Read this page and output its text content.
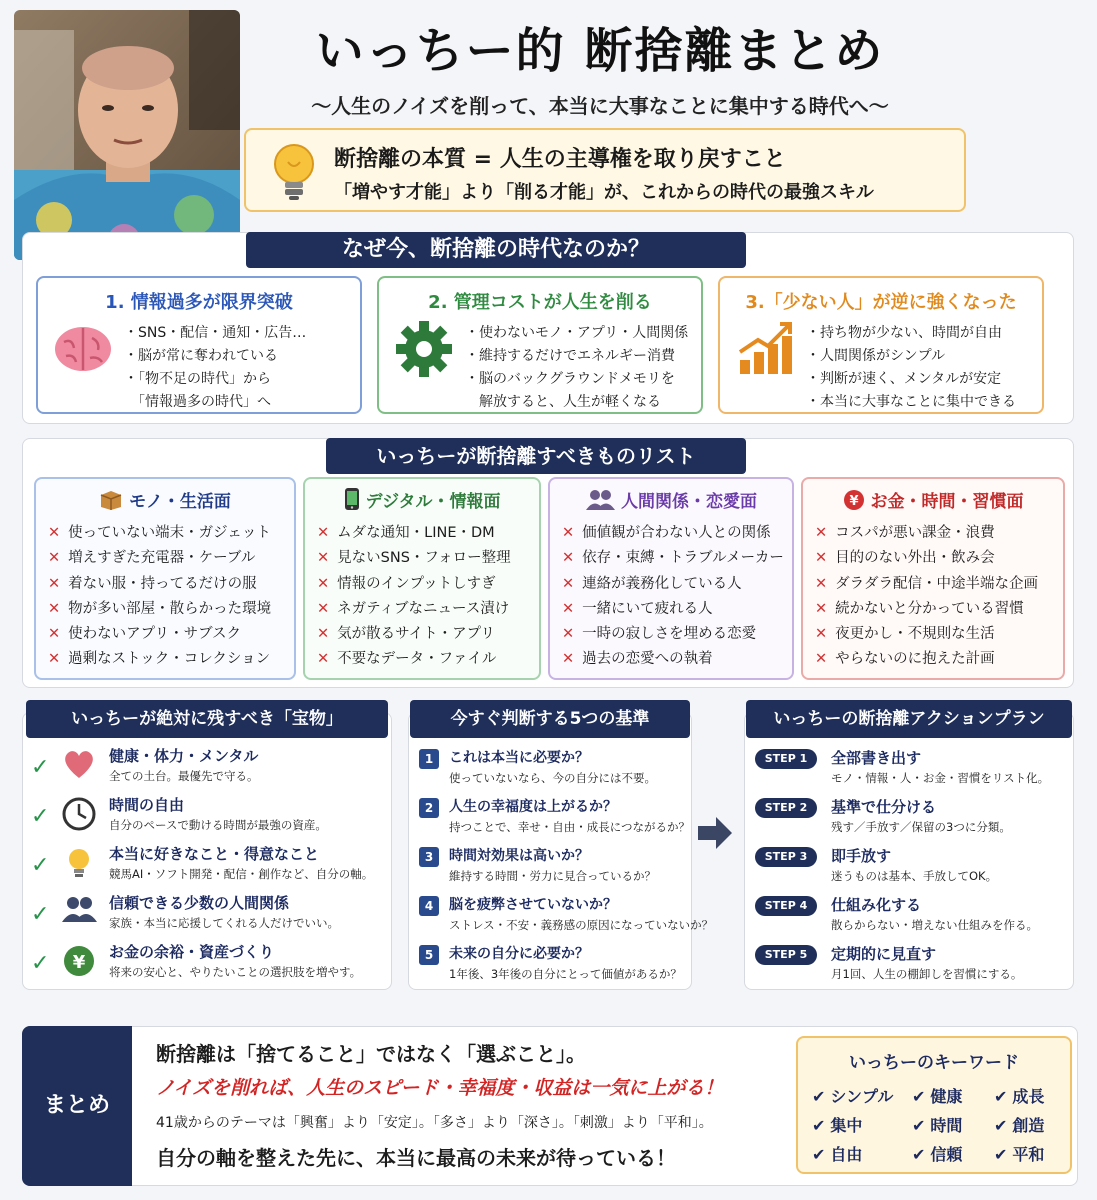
いっちー的 断捨離まとめ
〜人生のノイズを削って、本当に大事なことに集中する時代へ〜
断捨離の本質 = 人生の主導権を取り戻すこと
「増やす才能」より「削る才能」が、これからの時代の最強スキル
なぜ今、断捨離の時代なのか？
1. 情報過多が限界突破
・SNS・配信・通知・広告…
・脳が常に奪われている
・「物不足の時代」から
　「情報過多の時代」へ
2. 管理コストが人生を削る
・使わないモノ・アプリ・人間関係
・維持するだけでエネルギー消費
・脳のバックグラウンドメモリを
　解放すると、人生が軽くなる
3.「少ない人」が逆に強くなった
・持ち物が少ない、時間が自由
・人間関係がシンプル
・判断が速く、メンタルが安定
・本当に大事なことに集中できる
いっちーが断捨離すべきものリスト
モノ・生活面
✕ 使っていない端末・ガジェット
✕ 増えすぎた充電器・ケーブル
✕ 着ない服・持ってるだけの服
✕ 物が多い部屋・散らかった環境
✕ 使わないアプリ・サブスク
✕ 過剰なストック・コレクション
デジタル・情報面
✕ ムダな通知・LINE・DM
✕ 見ないSNS・フォロー整理
✕ 情報のインプットしすぎ
✕ ネガティブなニュース漬け
✕ 気が散るサイト・アプリ
✕ 不要なデータ・ファイル
人間関係・恋愛面
✕ 価値観が合わない人との関係
✕ 依存・束縛・トラブルメーカー
✕ 連絡が義務化している人
✕ 一緒にいて疲れる人
✕ 一時の寂しさを埋める恋愛
✕ 過去の恋愛への執着
¥ お金・時間・習慣面
✕ コスパが悪い課金・浪費
✕ 目的のない外出・飲み会
✕ ダラダラ配信・中途半端な企画
✕ 続かないと分かっている習慣
✕ 夜更かし・不規則な生活
✕ やらないのに抱えた計画
✓	健康・体力・メンタル
全ての土台。最優先で守る。
✓	時間の自由
自分のペースで動ける時間が最強の資産。
✓	本当に好きなこと・得意なこと
競馬AI・ソフト開発・配信・創作など、自分の軸。
✓	信頼できる少数の人間関係
家族・本当に応援してくれる人だけでいい。
✓ ¥ お金の余裕・資産づくり
将来の安心と、やりたいことの選択肢を増やす。
いっちーが絶対に残すべき「宝物」
1	これは本当に必要か？
使っていないなら、今の自分には不要。
2	人生の幸福度は上がるか？
持つことで、幸せ・自由・成長につながるか？
3	時間対効果は高いか？
維持する時間・労力に見合っているか？
4	脳を疲弊させていないか？
ストレス・不安・義務感の原因になっていないか？
5	未来の自分に必要か？
1年後、3年後の自分にとって価値があるか？
今すぐ判断する5つの基準
STEP 1	全部書き出す
モノ・情報・人・お金・習慣をリスト化。
STEP 2	基準で仕分ける
残す／手放す／保留の3つに分類。
STEP 3	即手放す
迷うものは基本、手放してOK。
STEP 4	仕組み化する
散らからない・増えない仕組みを作る。
STEP 5	定期的に見直す
月1回、人生の棚卸しを習慣にする。
いっちーの断捨離アクションプラン
まとめ
断捨離は「捨てること」ではなく「選ぶこと」。
ノイズを削れば、人生のスピード・幸福度・収益は一気に上がる！
41歳からのテーマは「興奮」より「安定」。「多さ」より「深さ」。「刺激」より「平和」。
自分の軸を整えた先に、本当に最高の未来が待っている！
いっちーのキーワード
✔ シンプル	✔ 健康	✔ 成長
✔ 集中	✔ 時間	✔ 創造
✔ 自由	✔ 信頼	✔ 平和
